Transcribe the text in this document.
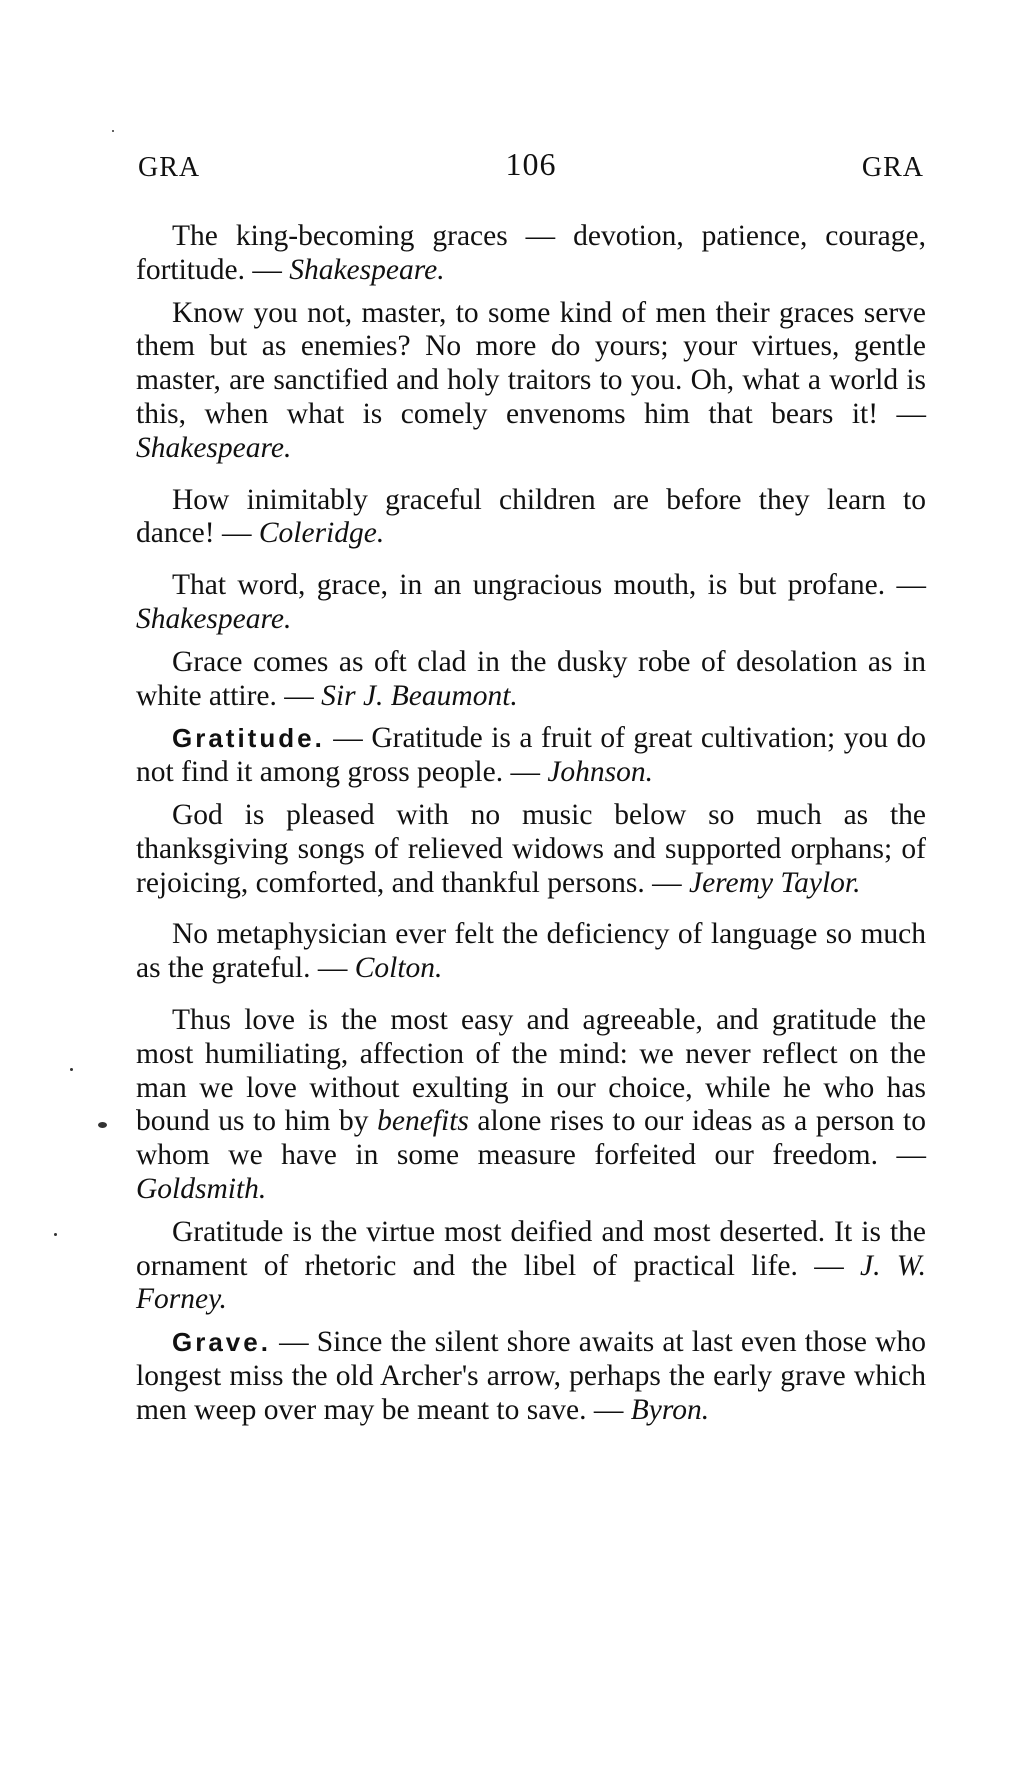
GRA	106	GRA

The king-becoming graces — devotion, patience, courage, fortitude. — Shakespeare.

Know you not, master, to some kind of men their graces serve them but as enemies? No more do yours; your virtues, gentle master, are sanctified and holy traitors to you. Oh, what a world is this, when what is comely envenoms him that bears it! — Shakespeare.

How inimitably graceful children are before they learn to dance! — Coleridge.

That word, grace, in an ungracious mouth, is but profane. — Shakespeare.

Grace comes as oft clad in the dusky robe of desolation as in white attire. — Sir J. Beaumont.

Gratitude. — Gratitude is a fruit of great cultivation; you do not find it among gross people. — Johnson.

God is pleased with no music below so much as the thanksgiving songs of relieved widows and supported orphans; of rejoicing, comforted, and thankful persons. — Jeremy Taylor.

No metaphysician ever felt the deficiency of language so much as the grateful. — Colton.

Thus love is the most easy and agreeable, and gratitude the most humiliating, affection of the mind: we never reflect on the man we love without exulting in our choice, while he who has bound us to him by benefits alone rises to our ideas as a person to whom we have in some measure forfeited our freedom. — Goldsmith.

Gratitude is the virtue most deified and most deserted. It is the ornament of rhetoric and the libel of practical life. — J. W. Forney.

Grave. — Since the silent shore awaits at last even those who longest miss the old Archer's arrow, perhaps the early grave which men weep over may be meant to save. — Byron.
